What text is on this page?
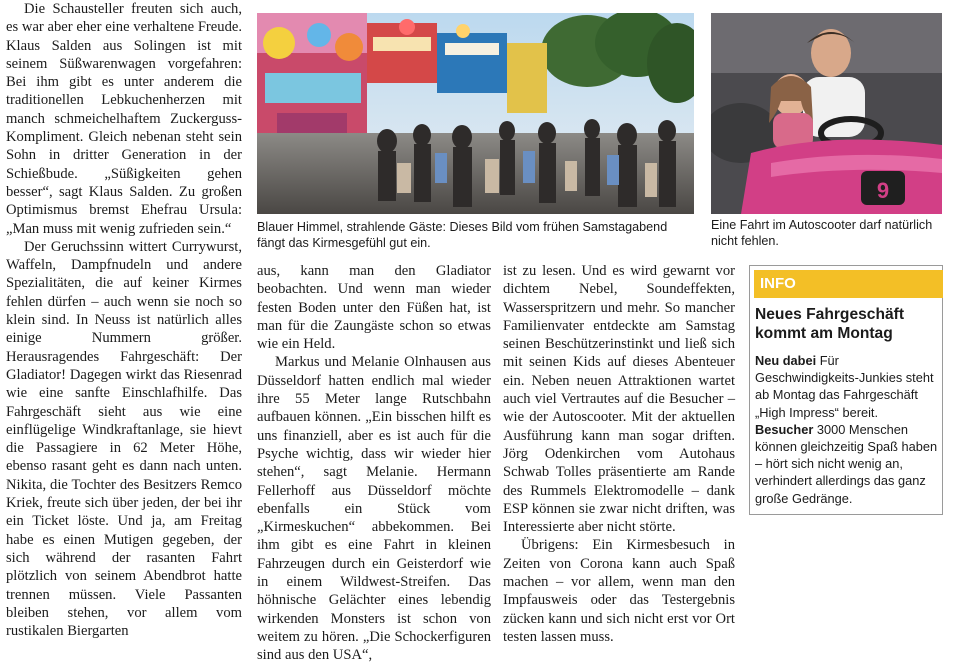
Die Schausteller freuten sich auch, es war aber eher eine verhaltene Freude. Klaus Salden aus Solingen ist mit seinem Süßwarenwagen vorgefahren: Bei ihm gibt es unter anderem die traditionellen Lebkuchenherzen mit manch schmeichelhaftem Zuckerguss-Kompliment. Gleich nebenan steht sein Sohn in dritter Generation in der Schießbude. „Süßigkeiten gehen besser“, sagt Klaus Salden. Zu großen Optimismus bremst Ehefrau Ursula: „Man muss mit wenig zufrieden sein.“

Der Geruchssinn wittert Currywurst, Waffeln, Dampfnudeln und andere Spezialitäten, die auf keiner Kirmes fehlen dürfen – auch wenn sie noch so klein sind. In Neuss ist natürlich alles einige Nummern größer. Herausragendes Fahrgeschäft: Der Gladiator! Dagegen wirkt das Riesenrad wie eine sanfte Einschlafhilfe. Das Fahrgeschäft sieht aus wie eine einflügelige Windkraftanlage, sie hievt die Passagiere in 62 Meter Höhe, ebenso rasant geht es dann nach unten. Nikita, die Tochter des Besitzers Remco Kriek, freute sich über jeden, der bei ihr ein Ticket löste. Und ja, am Freitag habe es einen Mutigen gegeben, der sich während der rasanten Fahrt plötzlich von seinem Abendbrot hatte trennen müssen. Viele Passanten bleiben stehen, vor allem vom rustikalen Biergarten

Blauer Himmel, strahlende Gäste: Dieses Bild vom frühen Samstagabend fängt das Kirmesgefühl gut ein.
9
Eine Fahrt im Autoscooter darf natürlich nicht fehlen.

aus, kann man den Gladiator beobachten. Und wenn man wieder festen Boden unter den Füßen hat, ist man für die Zaungäste schon so etwas wie ein Held.

Markus und Melanie Olnhausen aus Düsseldorf hatten endlich mal wieder ihre 55 Meter lange Rutschbahn aufbauen können. „Ein bisschen hilft es uns finanziell, aber es ist auch für die Psyche wichtig, dass wir wieder hier stehen“, sagt Melanie. Hermann Fellerhoff aus Düsseldorf möchte ebenfalls ein Stück vom „Kirmeskuchen“ abbekommen. Bei ihm gibt es eine Fahrt in kleinen Fahrzeugen durch ein Geisterdorf wie in einem Wildwest-Streifen. Das höhnische Gelächter eines lebendig wirkenden Monsters ist schon von weitem zu hören. „Die Schockerfiguren sind aus den USA“,

ist zu lesen. Und es wird gewarnt vor dichtem Nebel, Soundeffekten, Wasserspritzern und mehr. So mancher Familienvater entdeckte am Samstag seinen Beschützerinstinkt und ließ sich mit seinen Kids auf dieses Abenteuer ein. Neben neuen Attraktionen wartet auch viel Vertrautes auf die Besucher – wie der Autoscooter. Mit der aktuellen Ausführung kann man sogar driften. Jörg Odenkirchen vom Autohaus Schwab Tolles präsentierte am Rande des Rummels Elektromodelle – dank ESP können sie zwar nicht driften, was Interessierte aber nicht störte.

Übrigens: Ein Kirmesbesuch in Zeiten von Corona kann auch Spaß machen – vor allem, wenn man den Impfausweis oder das Testergebnis zücken kann und sich nicht erst vor Ort testen lassen muss.

INFO
Neues Fahrgeschäft kommt am Montag

Neu dabei Für Geschwindigkeits-Junkies steht ab Montag das Fahrgeschäft „High Impress“ bereit.

Besucher 3000 Menschen können gleichzeitig Spaß haben – hört sich nicht wenig an, verhindert allerdings das ganz große Gedränge.
